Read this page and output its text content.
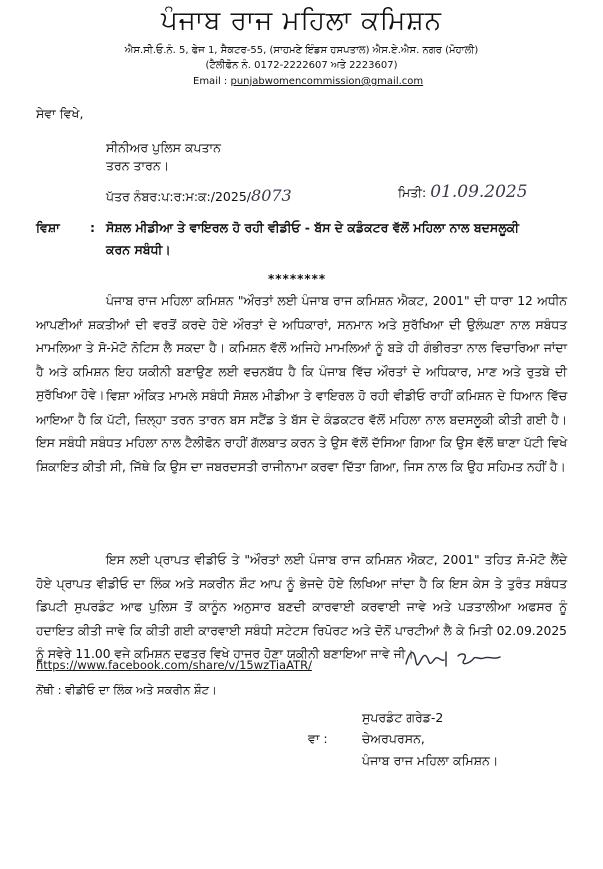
ਪੰਜਾਬ ਰਾਜ ਮਹਿਲਾ ਕਮਿਸ਼ਨ
ਐਸ.ਸੀ.ਓ.ਨੰ. 5, ਫੇਜ 1, ਸੈਕਟਰ-55, (ਸਾਹਮਣੇ ਇੰਡਸ ਹਸਪਤਾਲ) ਐਸ.ਏ.ਐਸ. ਨਗਰ (ਮੋਹਾਲੀ)
(ਟੈਲੀਫੋਨ ਨੰ. 0172-2222607 ਅਤੇ 2223607)
Email : punjabwomencommission@gmail.com
ਸੇਵਾ ਵਿਖੇ,
ਸੀਨੀਅਰ ਪੁਲਿਸ ਕਪਤਾਨ
ਤਰਨ ਤਾਰਨ।
ਪੱਤਰ ਨੰਬਰ:ਪ:ਰ:ਮ:ਕ:/2025/8073	ਮਿਤੀ: 01.09.2025
ਵਿਸ਼ਾ : ਸੋਸ਼ਲ ਮੀਡੀਆ ਤੇ ਵਾਇਰਲ ਹੋ ਰਹੀ ਵੀਡੀਓ - ਬੱਸ ਦੇ ਕਡੰਕਟਰ ਵੱਲੋਂ ਮਹਿਲਾ ਨਾਲ ਬਦਸਲੂਕੀ
ਕਰਨ ਸਬੰਧੀ।
********
ਪੰਜਾਬ ਰਾਜ ਮਹਿਲਾ ਕਮਿਸ਼ਨ "ਔਰਤਾਂ ਲਈ ਪੰਜਾਬ ਰਾਜ ਕਮਿਸ਼ਨ ਐਕਟ, 2001" ਦੀ ਧਾਰਾ 12 ਅਧੀਨ ਆਪਣੀਆਂ ਸ਼ਕਤੀਆਂ ਦੀ ਵਰਤੋਂ ਕਰਦੇ ਹੋਏ ਔਰਤਾਂ ਦੇ ਅਧਿਕਾਰਾਂ, ਸਨਮਾਨ ਅਤੇ ਸੁਰੱਖਿਆ ਦੀ ਉਲੰਘਣਾ ਨਾਲ ਸਬੰਧਤ ਮਾਮਲਿਆ ਤੇ ਸੋ-ਮੋਟੋ ਨੋਟਿਸ ਲੈ ਸਕਦਾ ਹੈ। ਕਮਿਸ਼ਨ ਵੱਲੋਂ ਅਜਿਹੇ ਮਾਮਲਿਆਂ ਨੂੰ ਬੜੇ ਹੀ ਗੰਭੀਰਤਾ ਨਾਲ ਵਿਚਾਰਿਆ ਜਾਂਦਾ ਹੈ ਅਤੇ ਕਮਿਸ਼ਨ ਇਹ ਯਕੀਨੀ ਬਣਾਉਣ ਲਈ ਵਚਨਬੱਧ ਹੈ ਕਿ ਪੰਜਾਬ ਵਿੱਚ ਔਰਤਾਂ ਦੇ ਅਧਿਕਾਰ, ਮਾਣ ਅਤੇ ਰੁਤਬੇ ਦੀ ਸੁਰੱਖਿਆ ਹੋਵੇ। ਵਿਸ਼ਾ ਅੰਕਿਤ ਮਾਮਲੇ ਸਬੰਧੀ ਸੋਸ਼ਲ ਮੀਡੀਆ ਤੇ ਵਾਇਰਲ ਹੋ ਰਹੀ ਵੀਡੀਓ ਰਾਹੀਂ ਕਮਿਸ਼ਨ ਦੇ ਧਿਆਨ ਵਿੱਚ ਆਇਆ ਹੈ ਕਿ ਪੱਟੀ, ਜ਼ਿਲ੍ਹਾ ਤਰਨ ਤਾਰਨ ਬਸ ਸਟੈਂਡ ਤੇ ਬੱਸ ਦੇ ਕੰਡਕਟਰ ਵੱਲੋਂ ਮਹਿਲਾ ਨਾਲ ਬਦਸਲੂਕੀ ਕੀਤੀ ਗਈ ਹੈ। ਇਸ ਸਬੰਧੀ ਸਬੰਧਤ ਮਹਿਲਾ ਨਾਲ ਟੈਲੀਫੋਨ ਰਾਹੀਂ ਗੱਲਬਾਤ ਕਰਨ ਤੇ ਉਸ ਵੱਲੋਂ ਦੱਸਿਆ ਗਿਆ ਕਿ ਉਸ ਵੱਲੋਂ ਥਾਣਾ ਪੱਟੀ ਵਿਖੇ ਸ਼ਿਕਾਇਤ ਕੀਤੀ ਸੀ, ਜਿੱਥੇ ਕਿ ਉਸ ਦਾ ਜਬਰਦਸਤੀ ਰਾਜੀਨਾਮਾ ਕਰਵਾ ਦਿੱਤਾ ਗਿਆ, ਜਿਸ ਨਾਲ ਕਿ ਉਹ ਸਹਿਮਤ ਨਹੀਂ ਹੈ।
ਇਸ ਲਈ ਪ੍ਰਾਪਤ ਵੀਡੀਓ ਤੇ "ਔਰਤਾਂ ਲਈ ਪੰਜਾਬ ਰਾਜ ਕਮਿਸ਼ਨ ਐਕਟ, 2001" ਤਹਿਤ ਸੋ-ਮੋਟੋ ਲੈਂਦੇ ਹੋਏ ਪ੍ਰਾਪਤ ਵੀਡੀਓ ਦਾ ਲਿੰਕ ਅਤੇ ਸਕਰੀਨ ਸ਼ੌਟ ਆਪ ਨੂੰ ਭੇਜਦੇ ਹੋਏ ਲਿਖਿਆ ਜਾਂਦਾ ਹੈ ਕਿ ਇਸ ਕੇਸ ਤੇ ਤੁਰੰਤ ਸਬੰਧਤ ਡਿਪਟੀ ਸੁਪਰਡੰਟ ਆਫ ਪੁਲਿਸ ਤੋਂ ਕਾਨੂੰਨ ਅਨੁਸਾਰ ਬਣਦੀ ਕਾਰਵਾਈ ਕਰਵਾਈ ਜਾਵੇ ਅਤੇ ਪੜਤਾਲੀਆ ਅਫਸਰ ਨੂੰ ਹਦਾਇਤ ਕੀਤੀ ਜਾਵੇ ਕਿ ਕੀਤੀ ਗਈ ਕਾਰਵਾਈ ਸਬੰਧੀ ਸਟੇਟਸ ਰਿਪੋਰਟ ਅਤੇ ਦੋਨੋਂ ਪਾਰਟੀਆਂ ਲੈ ਕੇ ਮਿਤੀ 02.09.2025 ਨੂੰ ਸਵੇਰੇ 11.00 ਵਜੇ ਕਮਿਸ਼ਨ ਦਫਤਰ ਵਿਖੇ ਹਾਜਰ ਹੋਣਾ ਯਕੀਨੀ ਬਣਾਇਆ ਜਾਵੇ ਜੀ।
https://www.facebook.com/share/v/15wzTiaATR/
ਨੋਂਥੀ : ਵੀਡੀਓ ਦਾ ਲਿੰਕ ਅਤੇ ਸਕਰੀਨ ਸ਼ੌਟ।
ਸੁਪਰਡੰਟ ਗਰੇਡ-2
ਵਾ :	ਚੇਅਰਪਰਸਨ,
ਪੰਜਾਬ ਰਾਜ ਮਹਿਲਾ ਕਮਿਸ਼ਨ।
